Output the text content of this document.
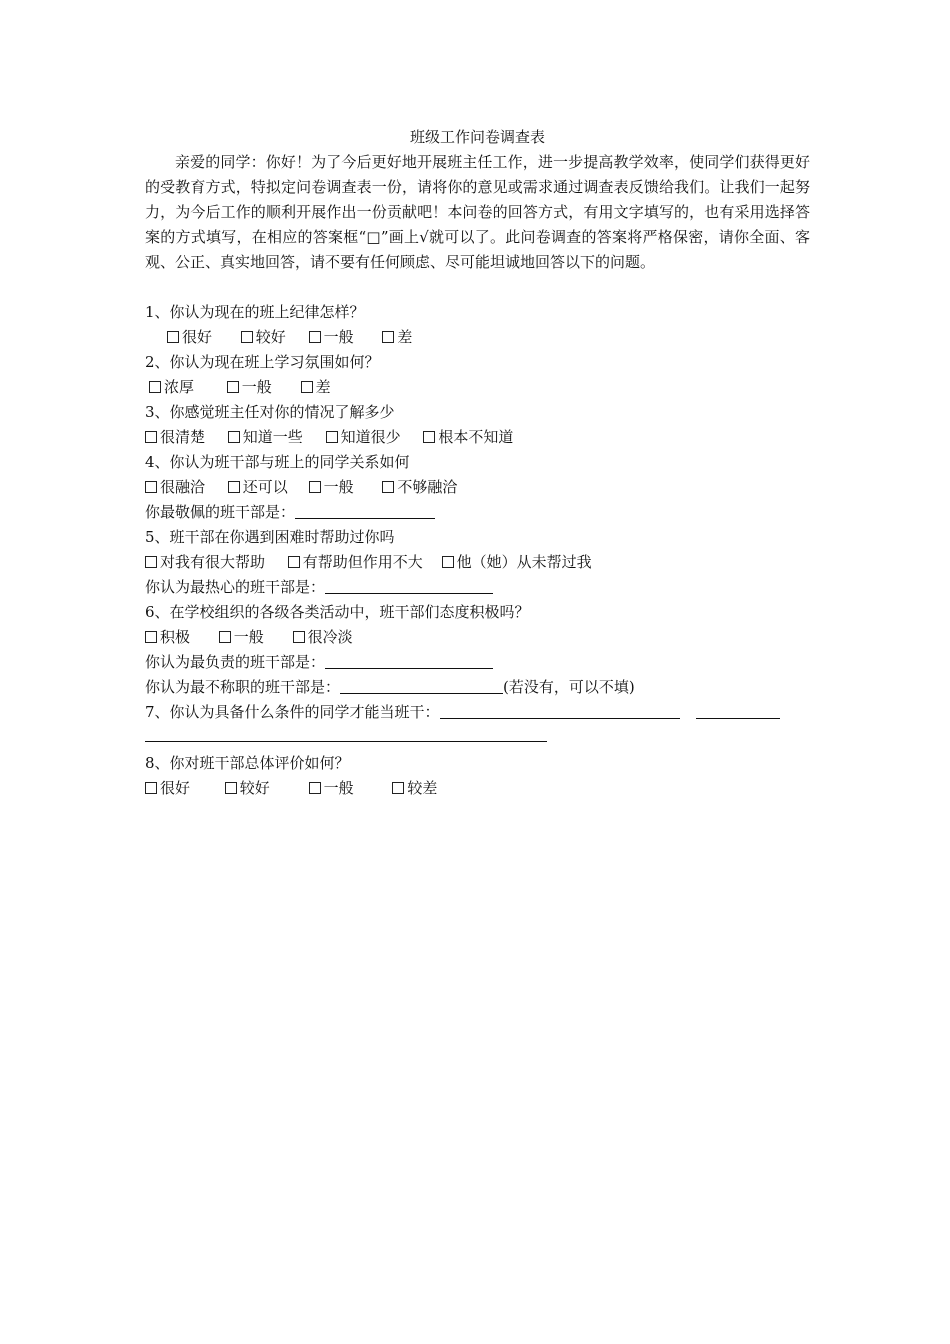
班级工作问卷调查表

亲爱的同学：你好！为了今后更好地开展班主任工作，进一步提高教学效率，使同学们获得更好的受教育方式，特拟定问卷调查表一份，请将你的意见或需求通过调查表反馈给我们。让我们一起努力，为今后工作的顺利开展作出一份贡献吧！本问卷的回答方式，有用文字填写的，也有采用选择答案的方式填写，在相应的答案框“□”画上√就可以了。此问卷调查的答案将严格保密，请你全面、客观、公正、真实地回答，请不要有任何顾虑、尽可能坦诚地回答以下的问题。

1、你认为现在的班上纪律怎样？
很好	较好	一般	差
2、你认为现在班上学习氛围如何？
浓厚	一般	差
3、你感觉班主任对你的情况了解多少
很清楚	知道一些	知道很少	根本不知道
4、你认为班干部与班上的同学关系如何
很融洽	还可以 一般	不够融洽
你最敬佩的班干部是：
5、班干部在你遇到困难时帮助过你吗
对我有很大帮助	有帮助但作用不大 他（她）从未帮过我
你认为最热心的班干部是：
6、在学校组织的各级各类活动中，班干部们态度积极吗？
积极	一般	很冷淡
你认为最负责的班干部是：
你认为最不称职的班干部是：	(若没有，可以不填)
7、你认为具备什么条件的同学才能当班干：
8、你对班干部总体评价如何？
很好	较好	一般	较差
